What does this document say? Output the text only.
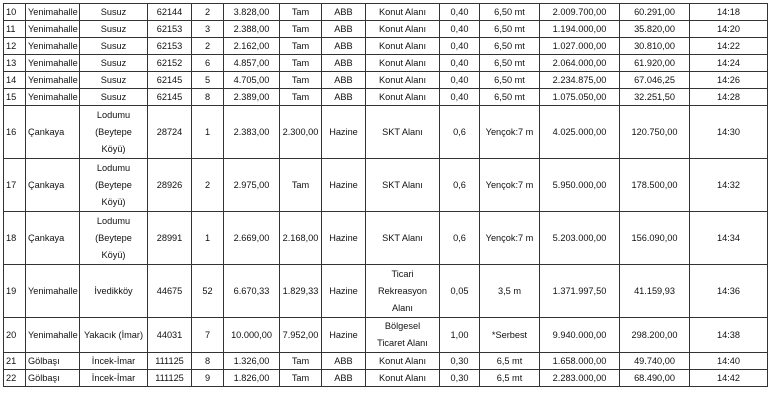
10	Yenimahalle	Susuz	62144	2	3.828,00	Tam	ABB	Konut Alanı	0,40	6,50 mt	2.009.700,00	60.291,00	14:18
11	Yenimahalle	Susuz	62153	3	2.388,00	Tam	ABB	Konut Alanı	0,40	6,50 mt	1.194.000,00	35.820,00	14:20
12	Yenimahalle	Susuz	62153	2	2.162,00	Tam	ABB	Konut Alanı	0,40	6,50 mt	1.027.000,00	30.810,00	14:22
13	Yenimahalle	Susuz	62152	6	4.857,00	Tam	ABB	Konut Alanı	0,40	6,50 mt	2.064.000,00	61.920,00	14:24
14	Yenimahalle	Susuz	62145	5	4.705,00	Tam	ABB	Konut Alanı	0,40	6,50 mt	2.234.875,00	67.046,25	14:26
15	Yenimahalle	Susuz	62145	8	2.389,00	Tam	ABB	Konut Alanı	0,40	6,50 mt	1.075.050,00	32.251,50	14:28
16	Çankaya	Lodumu
(Beytepe
Köyü)	28724	1	2.383,00	2.300,00	Hazine	SKT Alanı	0,6	Yençok:7 m	4.025.000,00	120.750,00	14:30
17	Çankaya	Lodumu
(Beytepe
Köyü)	28926	2	2.975,00	Tam	Hazine	SKT Alanı	0,6	Yençok:7 m	5.950.000,00	178.500,00	14:32
18	Çankaya	Lodumu
(Beytepe
Köyü)	28991	1	2.669,00	2.168,00	Hazine	SKT Alanı	0,6	Yençok:7 m	5.203.000,00	156.090,00	14:34
19	Yenimahalle	İvedikköy	44675	52	6.670,33	1.829,33	Hazine	Ticari
Rekreasyon
Alanı	0,05	3,5 m	1.371.997,50	41.159,93	14:36
20	Yenimahalle	Yakacık (İmar)	44031	7	10.000,00	7.952,00	Hazine	Bölgesel
Ticaret Alanı	1,00	*Serbest	9.940.000,00	298.200,00	14:38
21	Gölbaşı	İncek-İmar	111125	8	1.326,00	Tam	ABB	Konut Alanı	0,30	6,5 mt	1.658.000,00	49.740,00	14:40
22	Gölbaşı	İncek-İmar	111125	9	1.826,00	Tam	ABB	Konut Alanı	0,30	6,5 mt	2.283.000,00	68.490,00	14:42
